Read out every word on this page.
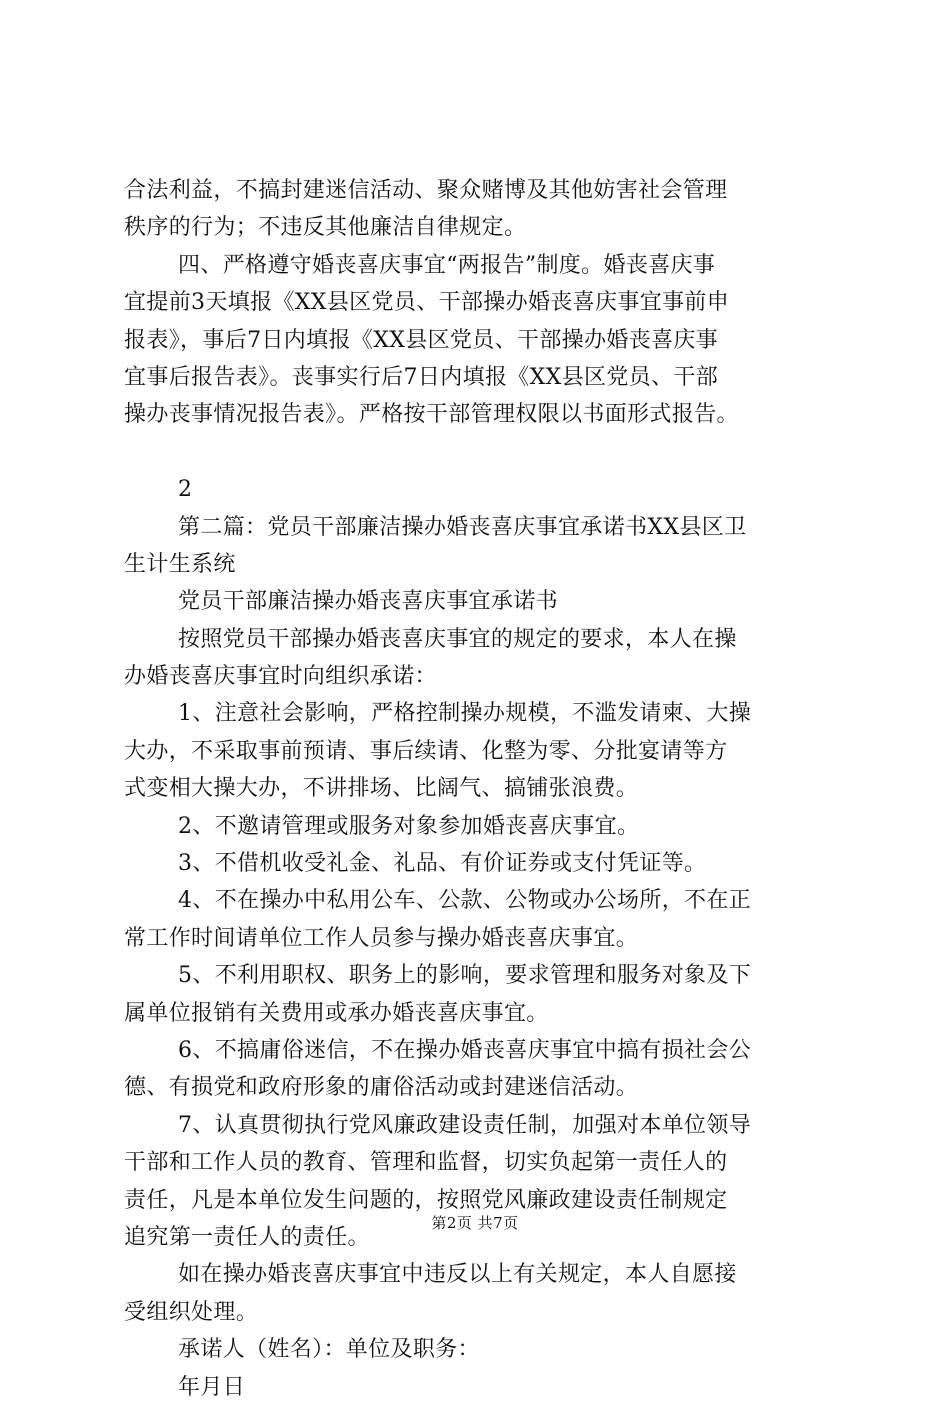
合法利益，不搞封建迷信活动、聚众赌博及其他妨害社会管理
秩序的行为；不违反其他廉洁自律规定。
四、严格遵守婚丧喜庆事宜“两报告”制度。婚丧喜庆事
宜提前3天填报《XX县区党员、干部操办婚丧喜庆事宜事前申
报表》，事后7日内填报《XX县区党员、干部操办婚丧喜庆事
宜事后报告表》。丧事实行后7日内填报《XX县区党员、干部
操办丧事情况报告表》。严格按干部管理权限以书面形式报告。
2
第二篇：党员干部廉洁操办婚丧喜庆事宜承诺书XX县区卫
生计生系统
党员干部廉洁操办婚丧喜庆事宜承诺书
按照党员干部操办婚丧喜庆事宜的规定的要求，本人在操
办婚丧喜庆事宜时向组织承诺：
1、注意社会影响，严格控制操办规模，不滥发请柬、大操
大办，不采取事前预请、事后续请、化整为零、分批宴请等方
式变相大操大办，不讲排场、比阔气、搞铺张浪费。
2、不邀请管理或服务对象参加婚丧喜庆事宜。
3、不借机收受礼金、礼品、有价证券或支付凭证等。
4、不在操办中私用公车、公款、公物或办公场所，不在正
常工作时间请单位工作人员参与操办婚丧喜庆事宜。
5、不利用职权、职务上的影响，要求管理和服务对象及下
属单位报销有关费用或承办婚丧喜庆事宜。
6、不搞庸俗迷信，不在操办婚丧喜庆事宜中搞有损社会公
德、有损党和政府形象的庸俗活动或封建迷信活动。
7、认真贯彻执行党风廉政建设责任制，加强对本单位领导
干部和工作人员的教育、管理和监督，切实负起第一责任人的
责任，凡是本单位发生问题的，按照党风廉政建设责任制规定
追究第一责任人的责任。
如在操办婚丧喜庆事宜中违反以上有关规定，本人自愿接
受组织处理。
承诺人（姓名）：单位及职务：
年月日
第2页 共7页
